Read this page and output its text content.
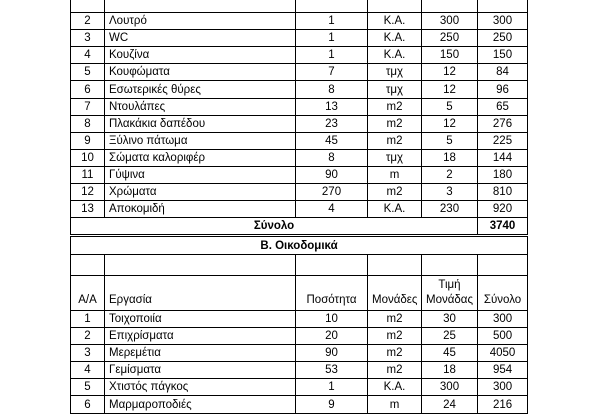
2	Λουτρό	1	Κ.Α.	300	300
3	WC	1	Κ.Α.	250	250
4	Κουζίνα	1	Κ.Α.	150	150
5	Κουφώματα	7	τμχ	12	84
6	Εσωτερικές θύρες	8	τμχ	12	96
7	Ντουλάπες	13	m2	5	65
8	Πλακάκια δαπέδου	23	m2	12	276
9	Ξύλινο πάτωμα	45	m2	5	225
10	Σώματα καλοριφέρ	8	τμχ	18	144
11	Γύψινα	90	m	2	180
12	Χρώματα	270	m2	3	810
13	Αποκομιδή	4	Κ.Α.	230	920
Σύνολο					3740
Β. Οικοδομικά					

Α/Α	Εργασία	Ποσότητα	Μονάδες	Τιμή Μονάδας	Σύνολο
1	Τοιχοποιία	10	m2	30	300
2	Επιχρίσματα	20	m2	25	500
3	Μερεμέτια	90	m2	45	4050
4	Γεμίσματα	53	m2	18	954
5	Χτιστός πάγκος	1	Κ.Α.	300	300
6	Μαρμαροποδιές	9	m	24	216
